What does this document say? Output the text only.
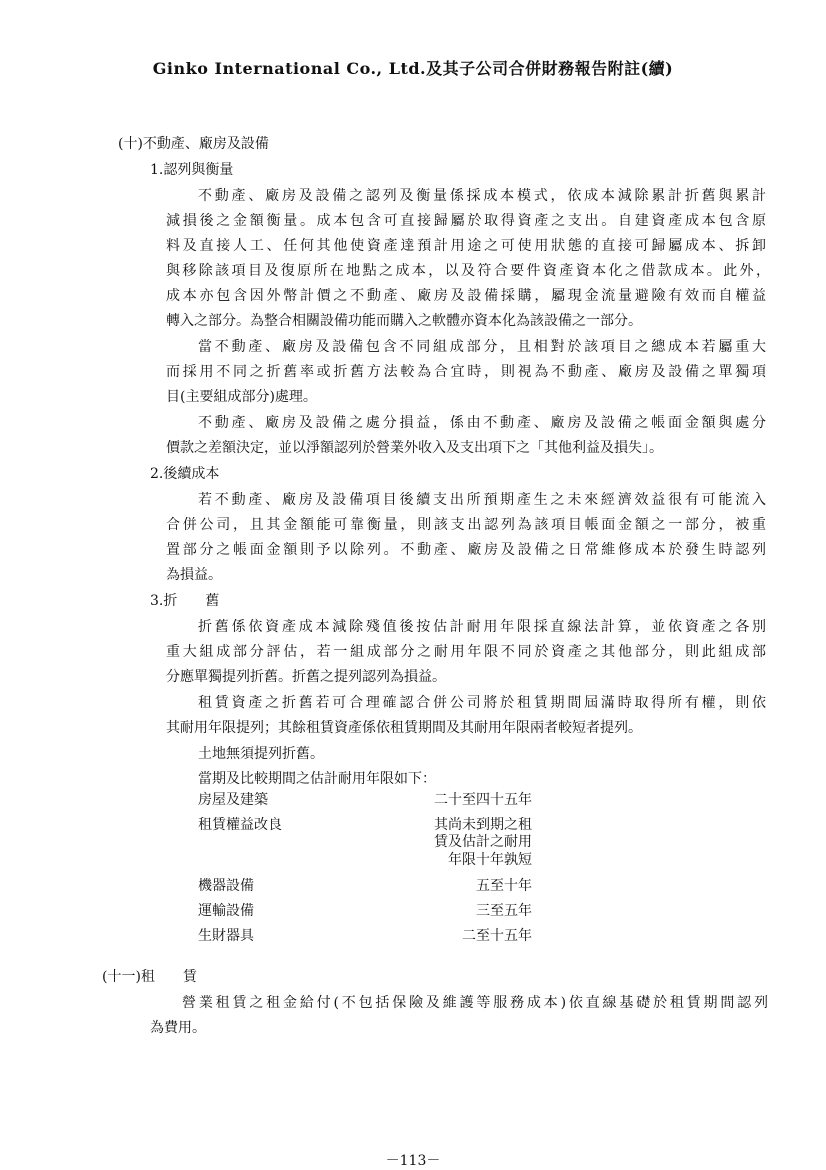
Ginko International Co., Ltd.及其子公司合併財務報告附註(續)
(十)不動產、廠房及設備
1.認列與衡量
不動產、廠房及設備之認列及衡量係採成本模式，依成本減除累計折舊與累計
減損後之金額衡量。成本包含可直接歸屬於取得資產之支出。自建資產成本包含原
料及直接人工、任何其他使資產達預計用途之可使用狀態的直接可歸屬成本、拆卸
與移除該項目及復原所在地點之成本，以及符合要件資產資本化之借款成本。此外，
成本亦包含因外幣計價之不動產、廠房及設備採購，屬現金流量避險有效而自權益
轉入之部分。為整合相關設備功能而購入之軟體亦資本化為該設備之一部分。
當不動產、廠房及設備包含不同組成部分，且相對於該項目之總成本若屬重大
而採用不同之折舊率或折舊方法較為合宜時，則視為不動產、廠房及設備之單獨項
目(主要組成部分)處理。
不動產、廠房及設備之處分損益，係由不動產、廠房及設備之帳面金額與處分
價款之差額決定，並以淨額認列於營業外收入及支出項下之「其他利益及損失」。
2.後續成本
若不動產、廠房及設備項目後續支出所預期產生之未來經濟效益很有可能流入
合併公司，且其金額能可靠衡量，則該支出認列為該項目帳面金額之一部分，被重
置部分之帳面金額則予以除列。不動產、廠房及設備之日常維修成本於發生時認列
為損益。
3.折　　舊
折舊係依資產成本減除殘值後按估計耐用年限採直線法計算，並依資產之各別
重大組成部分評估，若一組成部分之耐用年限不同於資產之其他部分，則此組成部
分應單獨提列折舊。折舊之提列認列為損益。
租賃資產之折舊若可合理確認合併公司將於租賃期間屆滿時取得所有權，則依
其耐用年限提列；其餘租賃資產係依租賃期間及其耐用年限兩者較短者提列。
土地無須提列折舊。
當期及比較期間之估計耐用年限如下：
房屋及建築	二十至四十五年
租賃權益改良	其尚未到期之租
賃及估計之耐用
年限十年孰短
機器設備	五至十年
運輸設備	三至五年
生財器具	二至十五年
(十一)租　　賃
營業租賃之租金給付(不包括保險及維護等服務成本)依直線基礎於租賃期間認列
為費用。
－113－
